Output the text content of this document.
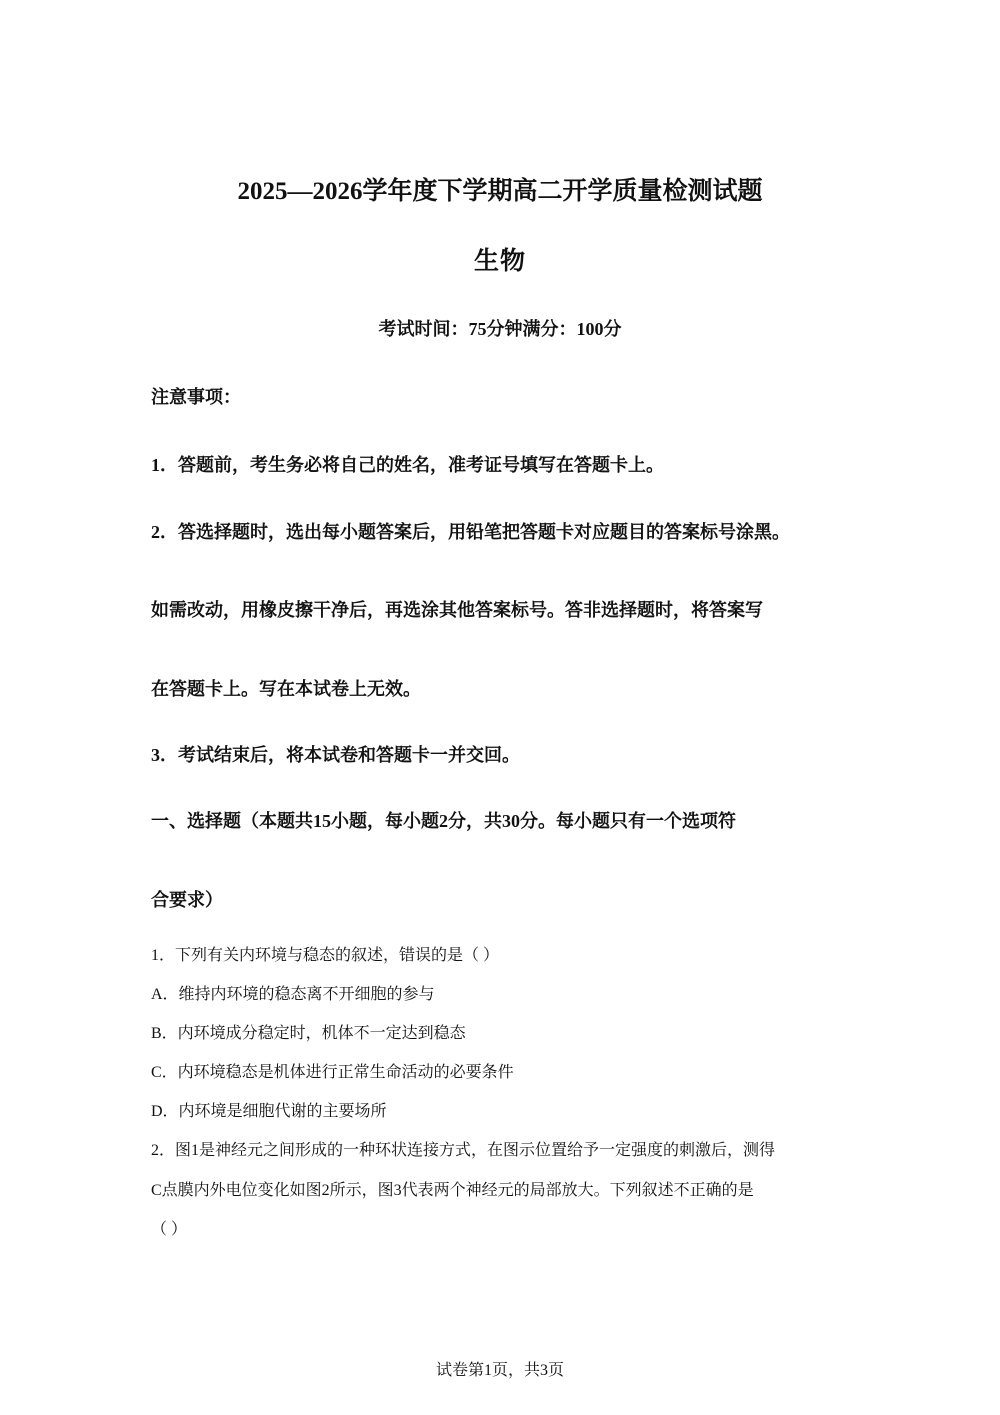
2025—2026学年度下学期高二开学质量检测试题
生物
考试时间：75分钟满分：100分
注意事项：
1．答题前，考生务必将自己的姓名，准考证号填写在答题卡上。
2．答选择题时，选出每小题答案后，用铅笔把答题卡对应题目的答案标号涂黑。
如需改动，用橡皮擦干净后，再选涂其他答案标号。答非选择题时，将答案写
在答题卡上。写在本试卷上无效。
3．考试结束后，将本试卷和答题卡一并交回。
一、选择题（本题共15小题，每小题2分，共30分。每小题只有一个选项符
合要求）
1．下列有关内环境与稳态的叙述，错误的是（ ）
A．维持内环境的稳态离不开细胞的参与
B．内环境成分稳定时，机体不一定达到稳态
C．内环境稳态是机体进行正常生命活动的必要条件
D．内环境是细胞代谢的主要场所
2．图1是神经元之间形成的一种环状连接方式，在图示位置给予一定强度的刺激后，测得
C点膜内外电位变化如图2所示，图3代表两个神经元的局部放大。下列叙述不正确的是
（ ）
试卷第1页，共3页
